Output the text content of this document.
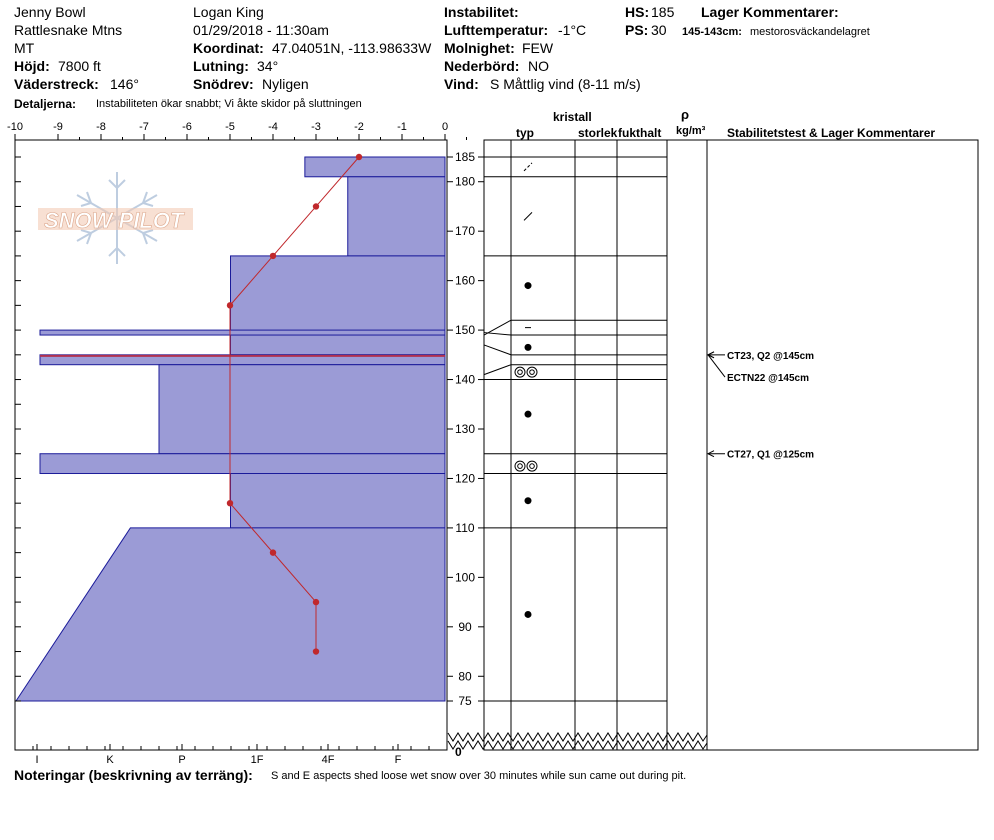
Jenny Bowl
Rattlesnake Mtns
MT
Höjd: 7800 ft
Väderstreck: 146°
Logan King
01/29/2018 - 11:30am
Koordinat: 47.04051N, -113.98633W
Lutning: 34°
Snödrev: Nyligen
Instabilitet:
Lufttemperatur: -1°C
Molnighet: FEW
Nederbörd: NO
Vind: S Måttlig vind (8-11 m/s)
HS: 185
PS: 30
Lager Kommentarer:
145-143cm: mestorosväckandelagret
Detaljerna: Instabiliteten ökar snabbt; Vi åkte skidor på sluttningen
kristall
typ	storlek fukthalt
ρ
kg/m³ Stabilitetstest & Lager Kommentarer
SNOW PILOT
-10	-9	-8	-7	-6	-5	-4	-3	-2	-1	0
I	K	P	1F	4F	F
75
80
90
100
110
120
130
140
150
160
170
180
185
CT23, Q2 @145cm
ECTN22 @145cm
CT27, Q1 @125cm
0
Noteringar (beskrivning av terräng): S and E aspects shed loose wet snow over 30 minutes while sun came out during pit.
